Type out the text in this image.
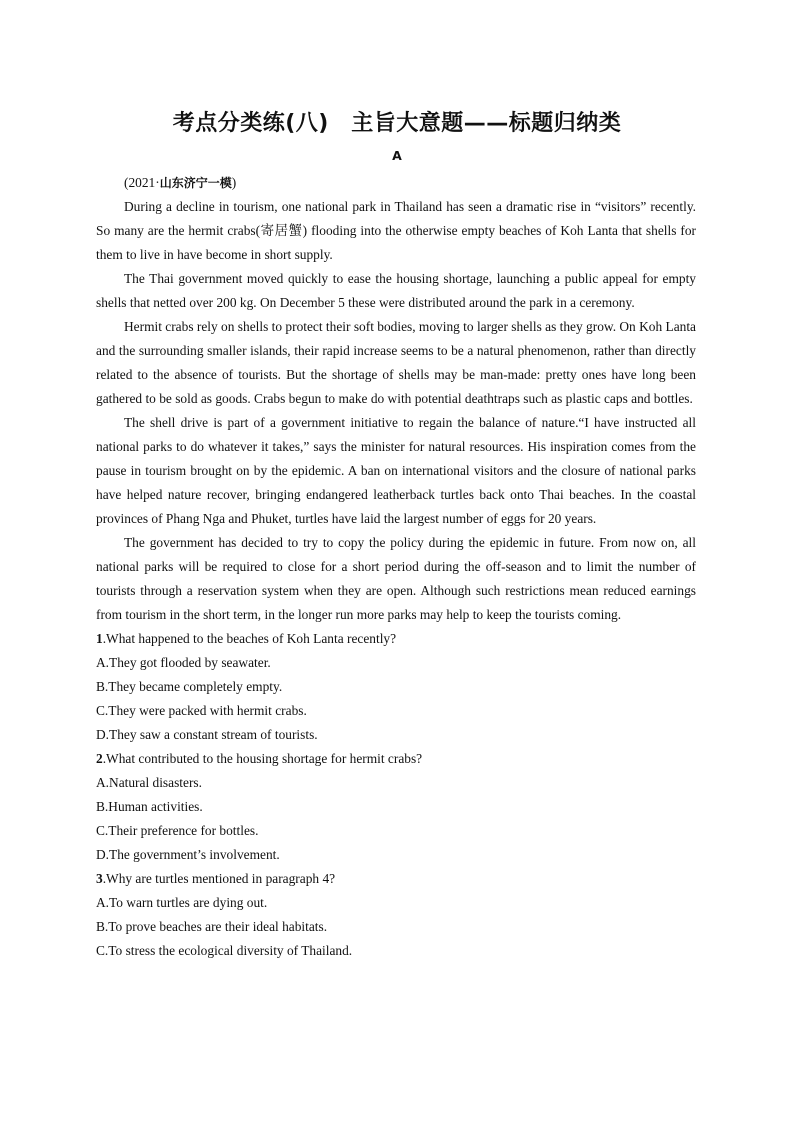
考点分类练(八)　主旨大意题——标题归纳类
A

(2021·山东济宁一模)

During a decline in tourism, one national park in Thailand has seen a dramatic rise in “visitors” recently. So many are the hermit crabs(寄居蟹) flooding into the otherwise empty beaches of Koh Lanta that shells for them to live in have become in short supply.

The Thai government moved quickly to ease the housing shortage, launching a public appeal for empty shells that netted over 200 kg. On December 5 these were distributed around the park in a ceremony.

Hermit crabs rely on shells to protect their soft bodies, moving to larger shells as they grow. On Koh Lanta and the surrounding smaller islands, their rapid increase seems to be a natural phenomenon, rather than directly related to the absence of tourists. But the shortage of shells may be man-made: pretty ones have long been gathered to be sold as goods. Crabs begun to make do with potential deathtraps such as plastic caps and bottles.

The shell drive is part of a government initiative to regain the balance of nature.“I have instructed all national parks to do whatever it takes,” says the minister for natural resources. His inspiration comes from the pause in tourism brought on by the epidemic. A ban on international visitors and the closure of national parks have helped nature recover, bringing endangered leatherback turtles back onto Thai beaches. In the coastal provinces of Phang Nga and Phuket, turtles have laid the largest number of eggs for 20 years.

The government has decided to try to copy the policy during the epidemic in future. From now on, all national parks will be required to close for a short period during the off-season and to limit the number of tourists through a reservation system when they are open. Although such restrictions mean reduced earnings from tourism in the short term, in the longer run more parks may help to keep the tourists coming.

1.What happened to the beaches of Koh Lanta recently?

A.They got flooded by seawater.

B.They became completely empty.

C.They were packed with hermit crabs.

D.They saw a constant stream of tourists.

2.What contributed to the housing shortage for hermit crabs?

A.Natural disasters.

B.Human activities.

C.Their preference for bottles.

D.The government’s involvement.

3.Why are turtles mentioned in paragraph 4?

A.To warn turtles are dying out.

B.To prove beaches are their ideal habitats.

C.To stress the ecological diversity of Thailand.
